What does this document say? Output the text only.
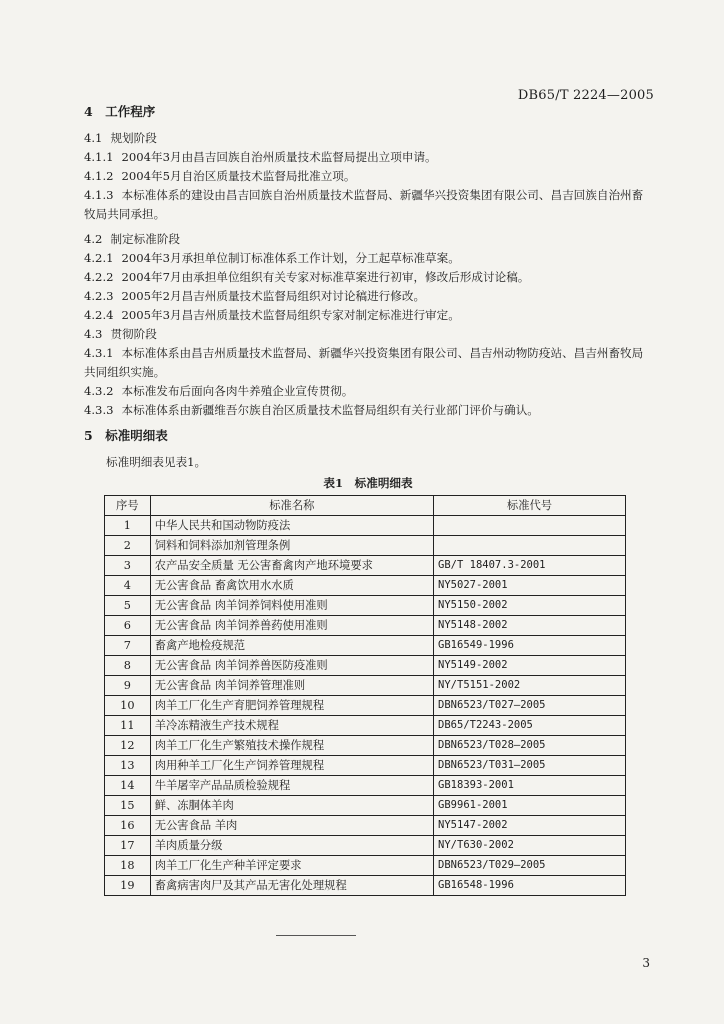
DB65/T 2224—2005
4　工作程序

4.1 规划阶段

4.1.1 2004年3月由昌吉回族自治州质量技术监督局提出立项申请。

4.1.2 2004年5月自治区质量技术监督局批准立项。

4.1.3 本标准体系的建设由昌吉回族自治州质量技术监督局、新疆华兴投资集团有限公司、昌吉回族自治州畜牧局共同承担。

4.2 制定标准阶段

4.2.1 2004年3月承担单位制订标准体系工作计划，分工起草标准草案。

4.2.2 2004年7月由承担单位组织有关专家对标准草案进行初审，修改后形成讨论稿。

4.2.3 2005年2月昌吉州质量技术监督局组织对讨论稿进行修改。

4.2.4 2005年3月昌吉州质量技术监督局组织专家对制定标准进行审定。

4.3 贯彻阶段

4.3.1 本标准体系由昌吉州质量技术监督局、新疆华兴投资集团有限公司、昌吉州动物防疫站、昌吉州畜牧局共同组织实施。

4.3.2 本标准发布后面向各肉牛养殖企业宣传贯彻。

4.3.3 本标准体系由新疆维吾尔族自治区质量技术监督局组织有关行业部门评价与确认。

5　标准明细表

标准明细表见表1。

表1　标准明细表
序号	标准名称	标准代号
1	中华人民共和国动物防疫法	
2	饲料和饲料添加剂管理条例	
3	农产品安全质量 无公害畜禽肉产地环境要求	GB/T 18407.3-2001
4	无公害食品 畜禽饮用水水质	NY5027-2001
5	无公害食品 肉羊饲养饲料使用准则	NY5150-2002
6	无公害食品 肉羊饲养兽药使用准则	NY5148-2002
7	畜禽产地检疫规范	GB16549-1996
8	无公害食品 肉羊饲养兽医防疫准则	NY5149-2002
9	无公害食品 肉羊饲养管理准则	NY/T5151-2002
10	肉羊工厂化生产育肥饲养管理规程	DBN6523/T027—2005
11	羊冷冻精液生产技术规程	DB65/T2243-2005
12	肉羊工厂化生产繁殖技术操作规程	DBN6523/T028—2005
13	肉用种羊工厂化生产饲养管理规程	DBN6523/T031—2005
14	牛羊屠宰产品品质检验规程	GB18393-2001
15	鲜、冻胴体羊肉	GB9961-2001
16	无公害食品 羊肉	NY5147-2002
17	羊肉质量分级	NY/T630-2002
18	肉羊工厂化生产种羊评定要求	DBN6523/T029—2005
19	畜禽病害肉尸及其产品无害化处理规程	GB16548-1996
3
